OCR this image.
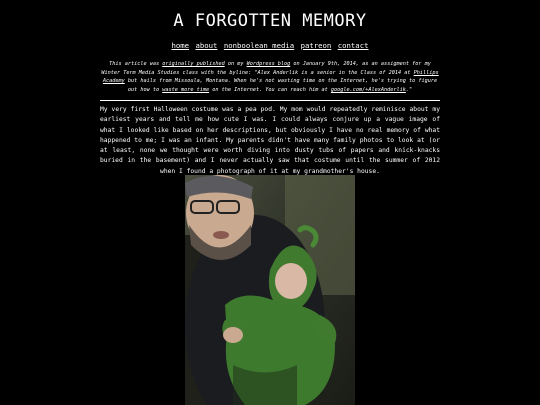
A FORGOTTEN MEMORY
home about nonboolean media patreon contact
This article was originally published on my Wordpress blog on January 9th, 2014, as an assigment for my Winter Term Media Studies class with the byline: "Alex Anderlik is a senior in the Class of 2014 at Phillips Academy but hails from Missoula, Montana. When he's not wasting time on the Internet, he's trying to figure out how to waste more time on the Internet. You can reach him at google.com/+AlexAnderlik."

My very first Halloween costume was a pea pod. My mom would repeatedly reminisce about my earliest years and tell me how cute I was. I could always conjure up a vague image of what I looked like based on her descriptions, but obviously I have no real memory of what happened to me; I was an infant. My parents didn't have many family photos to look at (or at least, none we thought were worth diving into dusty tubs of papers and knick-knacks buried in the basement) and I never actually saw that costume until the summer of 2012 when I found a photograph of it at my grandmother's house.
